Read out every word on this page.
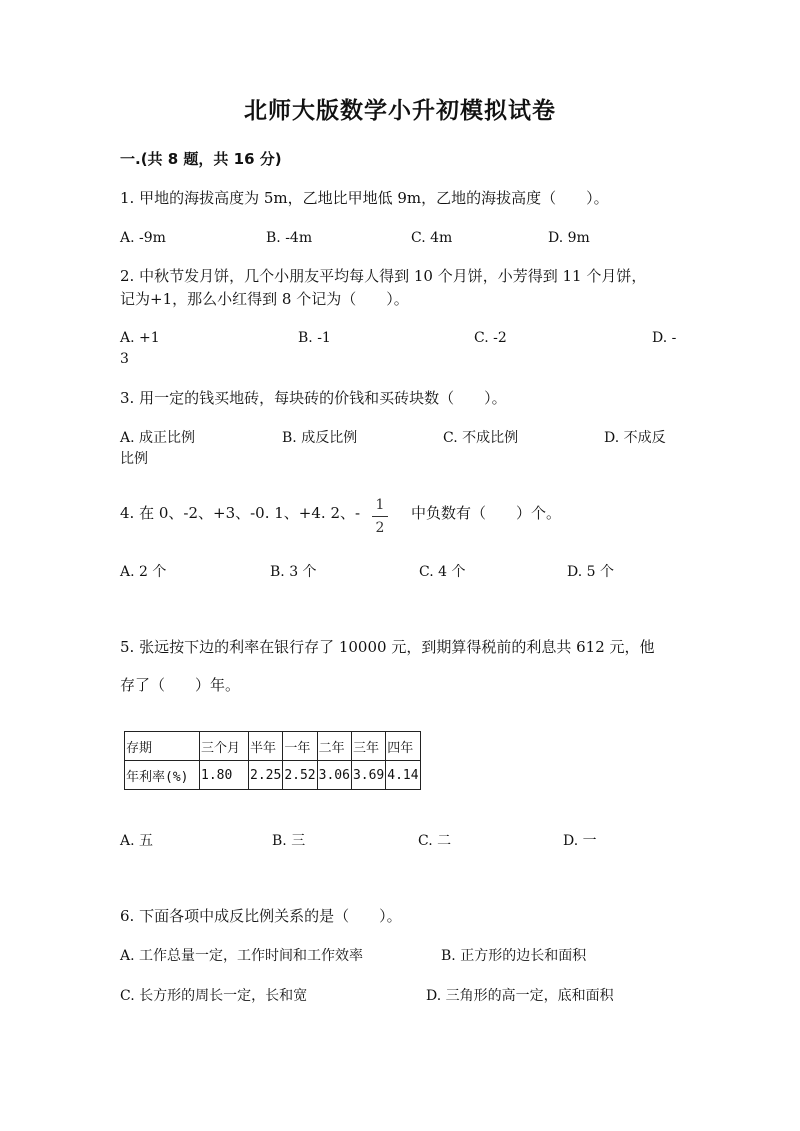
北师大版数学小升初模拟试卷
一.(共 8 题，共 16 分)
1. 甲地的海拔高度为 5m，乙地比甲地低 9m，乙地的海拔高度（　　）。
A. -9m	B. -4m	C. 4m	D. 9m
2. 中秋节发月饼，几个小朋友平均每人得到 10 个月饼，小芳得到 11 个月饼，
记为+1，那么小红得到 8 个记为（　　）。
A. +1	B. -1	C. -2	D. -
3
3. 用一定的钱买地砖，每块砖的价钱和买砖块数（　　）。
A. 成正比例	B. 成反比例	C. 不成比例	D. 不成反
比例
4. 在 0、-2、+3、-0. 1、+4. 2、-	1
2
中负数有（　　）个。
A. 2 个	B. 3 个	C. 4 个	D. 5 个
5. 张远按下边的利率在银行存了 10000 元，到期算得税前的利息共 612 元，他
存了（　　）年。
存期	三个月	半年	一年	二年	三年	四年
年利率(%)	1.80	2.25	2.52	3.06	3.69	4.14
A. 五	B. 三	C. 二	D. 一
6. 下面各项中成反比例关系的是（　　）。
A. 工作总量一定，工作时间和工作效率	B. 正方形的边长和面积
C. 长方形的周长一定，长和宽	D. 三角形的高一定，底和面积
